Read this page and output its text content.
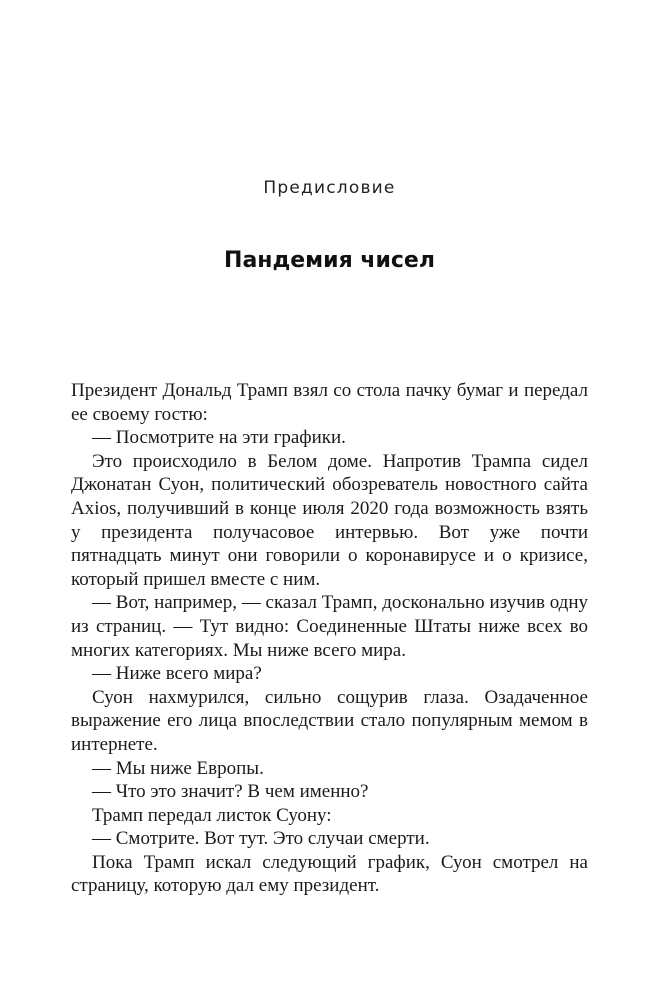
Предисловие
Пандемия чисел

Президент Дональд Трамп взял со стола пачку бумаг и передал ее своему гостю:

— Посмотрите на эти графики.

Это происходило в Белом доме. Напротив Трампа сидел Джонатан Суон, политический обозреватель новостного сайта Axios, получивший в конце июля 2020 года возможность взять у президента получасовое интервью. Вот уже почти пятнадцать минут они говорили о коронавирусе и о кризисе, который пришел вместе с ним.

— Вот, например, — сказал Трамп, досконально изучив одну из страниц. — Тут видно: Соединенные Штаты ниже всех во многих категориях. Мы ниже всего мира.

— Ниже всего мира?

Суон нахмурился, сильно сощурив глаза. Озадаченное выражение его лица впоследствии стало популярным мемом в интернете.

— Мы ниже Европы.

— Что это значит? В чем именно?

Трамп передал листок Суону:

— Смотрите. Вот тут. Это случаи смерти.

Пока Трамп искал следующий график, Суон смотрел на страницу, которую дал ему президент.
